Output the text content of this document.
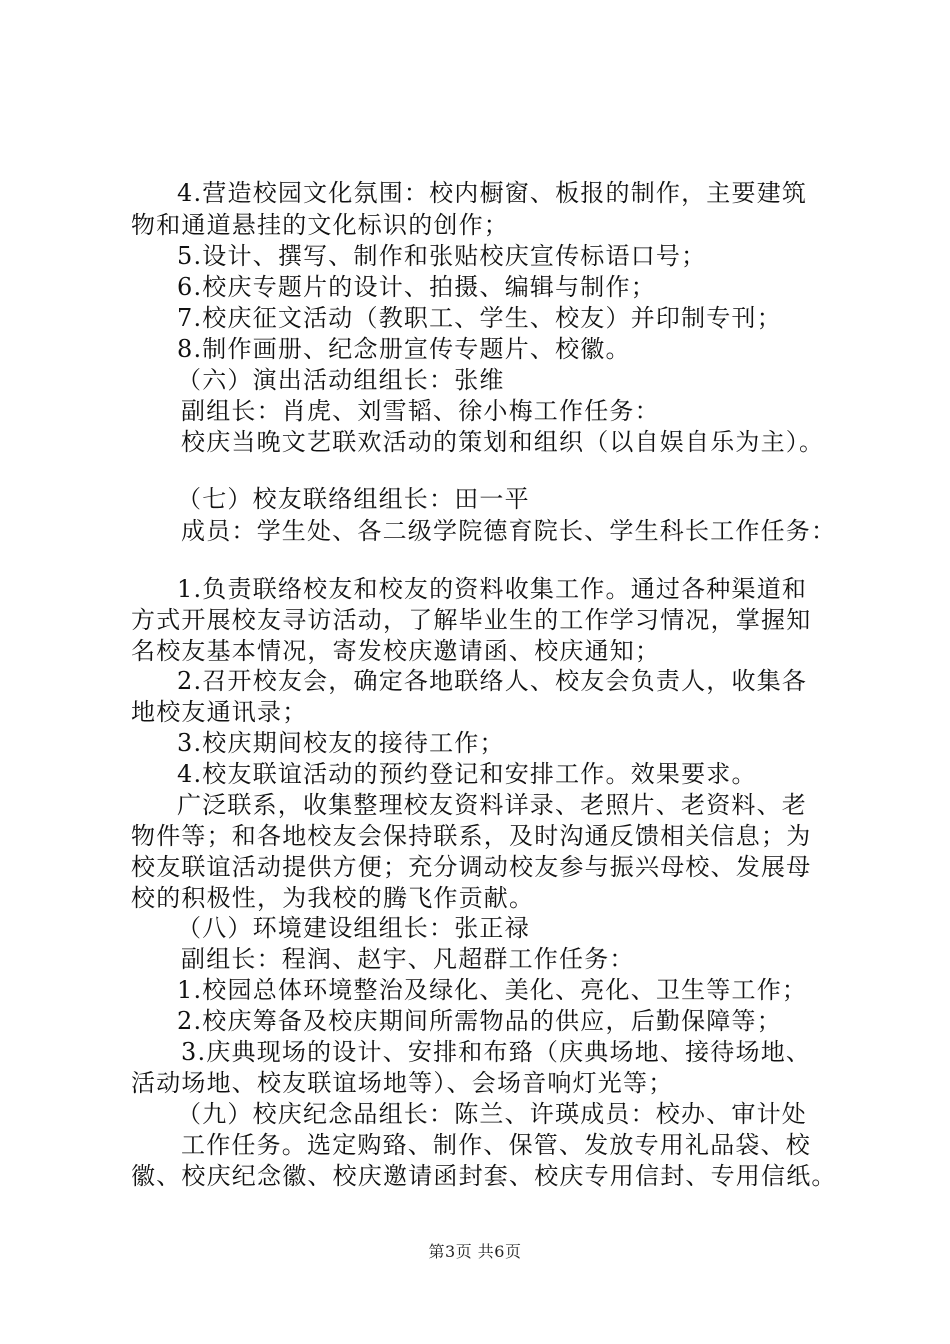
4.营造校园文化氛围：校内橱窗、板报的制作，主要建筑
物和通道悬挂的文化标识的创作；
5.设计、撰写、制作和张贴校庆宣传标语口号；
6.校庆专题片的设计、拍摄、编辑与制作；
7.校庆征文活动（教职工、学生、校友）并印制专刊；
8.制作画册、纪念册宣传专题片、校徽。
（六）演出活动组组长：张维
副组长：肖虎、刘雪韬、徐小梅工作任务：
校庆当晚文艺联欢活动的策划和组织（以自娱自乐为主）。
（七）校友联络组组长：田一平
成员：学生处、各二级学院德育院长、学生科长工作任务：
1.负责联络校友和校友的资料收集工作。通过各种渠道和
方式开展校友寻访活动，了解毕业生的工作学习情况，掌握知
名校友基本情况，寄发校庆邀请函、校庆通知；
2.召开校友会，确定各地联络人、校友会负责人，收集各
地校友通讯录；
3.校庆期间校友的接待工作；
4.校友联谊活动的预约登记和安排工作。效果要求。
广泛联系，收集整理校友资料详录、老照片、老资料、老
物件等；和各地校友会保持联系，及时沟通反馈相关信息；为
校友联谊活动提供方便；充分调动校友参与振兴母校、发展母
校的积极性，为我校的腾飞作贡献。
（八）环境建设组组长：张正禄
副组长：程润、赵宇、凡超群工作任务：
1.校园总体环境整治及绿化、美化、亮化、卫生等工作；
2.校庆筹备及校庆期间所需物品的供应，后勤保障等；
3.庆典现场的设计、安排和布臵（庆典场地、接待场地、
活动场地、校友联谊场地等）、会场音响灯光等；
（九）校庆纪念品组长：陈兰、许瑛成员：校办、审计处
工作任务。选定购臵、制作、保管、发放专用礼品袋、校
徽、校庆纪念徽、校庆邀请函封套、校庆专用信封、专用信纸。
第3页 共6页
